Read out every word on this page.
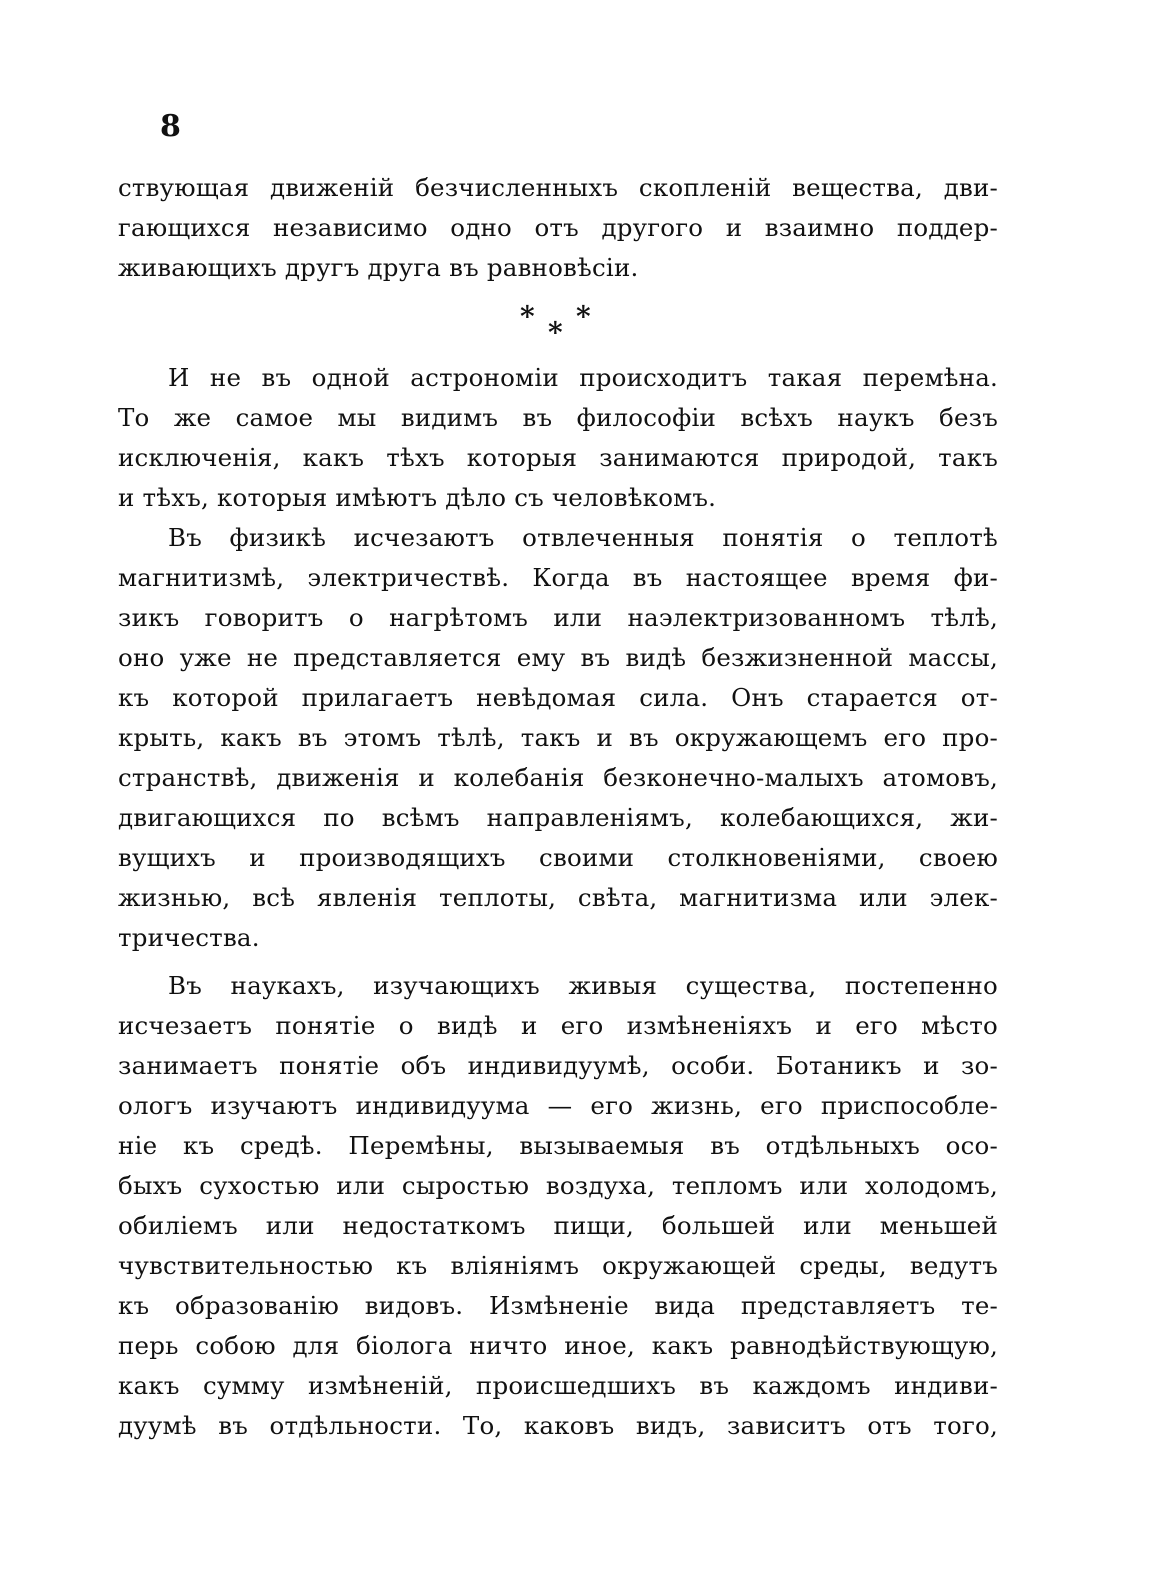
8
ствующая движеній безчисленныхъ скопленій вещества, дви-
гающихся независимо одно отъ другого и взаимно поддер-
живающихъ другъ друга въ равновѣсіи.
* * *
И не въ одной астрономіи происходитъ такая перемѣна.
То же самое мы видимъ въ философіи всѣхъ наукъ безъ
исключенія, какъ тѣхъ которыя занимаются природой, такъ
и тѣхъ, которыя имѣютъ дѣло съ человѣкомъ.
Въ физикѣ исчезаютъ отвлеченныя понятія о теплотѣ
магнитизмѣ, электричествѣ. Когда въ настоящее время фи-
зикъ говоритъ о нагрѣтомъ или наэлектризованномъ тѣлѣ,
оно уже не представляется ему въ видѣ безжизненной массы,
къ которой прилагаетъ невѣдомая сила. Онъ старается от-
крыть, какъ въ этомъ тѣлѣ, такъ и въ окружающемъ его про-
странствѣ, движенія и колебанія безконечно-малыхъ атомовъ,
двигающихся по всѣмъ направленіямъ, колебающихся, жи-
вущихъ и производящихъ своими столкновеніями, своею
жизнью, всѣ явленія теплоты, свѣта, магнитизма или элек-
тричества.
Въ наукахъ, изучающихъ живыя существа, постепенно
исчезаетъ понятіе о видѣ и его измѣненіяхъ и его мѣсто
занимаетъ понятіе объ индивидуумѣ, особи. Ботаникъ и зо-
ологъ изучаютъ индивидуума — его жизнь, его приспособле-
ніе къ средѣ. Перемѣны, вызываемыя въ отдѣльныхъ осо-
быхъ сухостью или сыростью воздуха, тепломъ или холодомъ,
обиліемъ или недостаткомъ пищи, большей или меньшей
чувствительностью къ вліяніямъ окружающей среды, ведутъ
къ образованію видовъ. Измѣненіе вида представляетъ те-
перь собою для біолога ничто иное, какъ равнодѣйствующую,
какъ сумму измѣненій, происшедшихъ въ каждомъ индиви-
дуумѣ въ отдѣльности. То, каковъ видъ, зависитъ отъ того,
